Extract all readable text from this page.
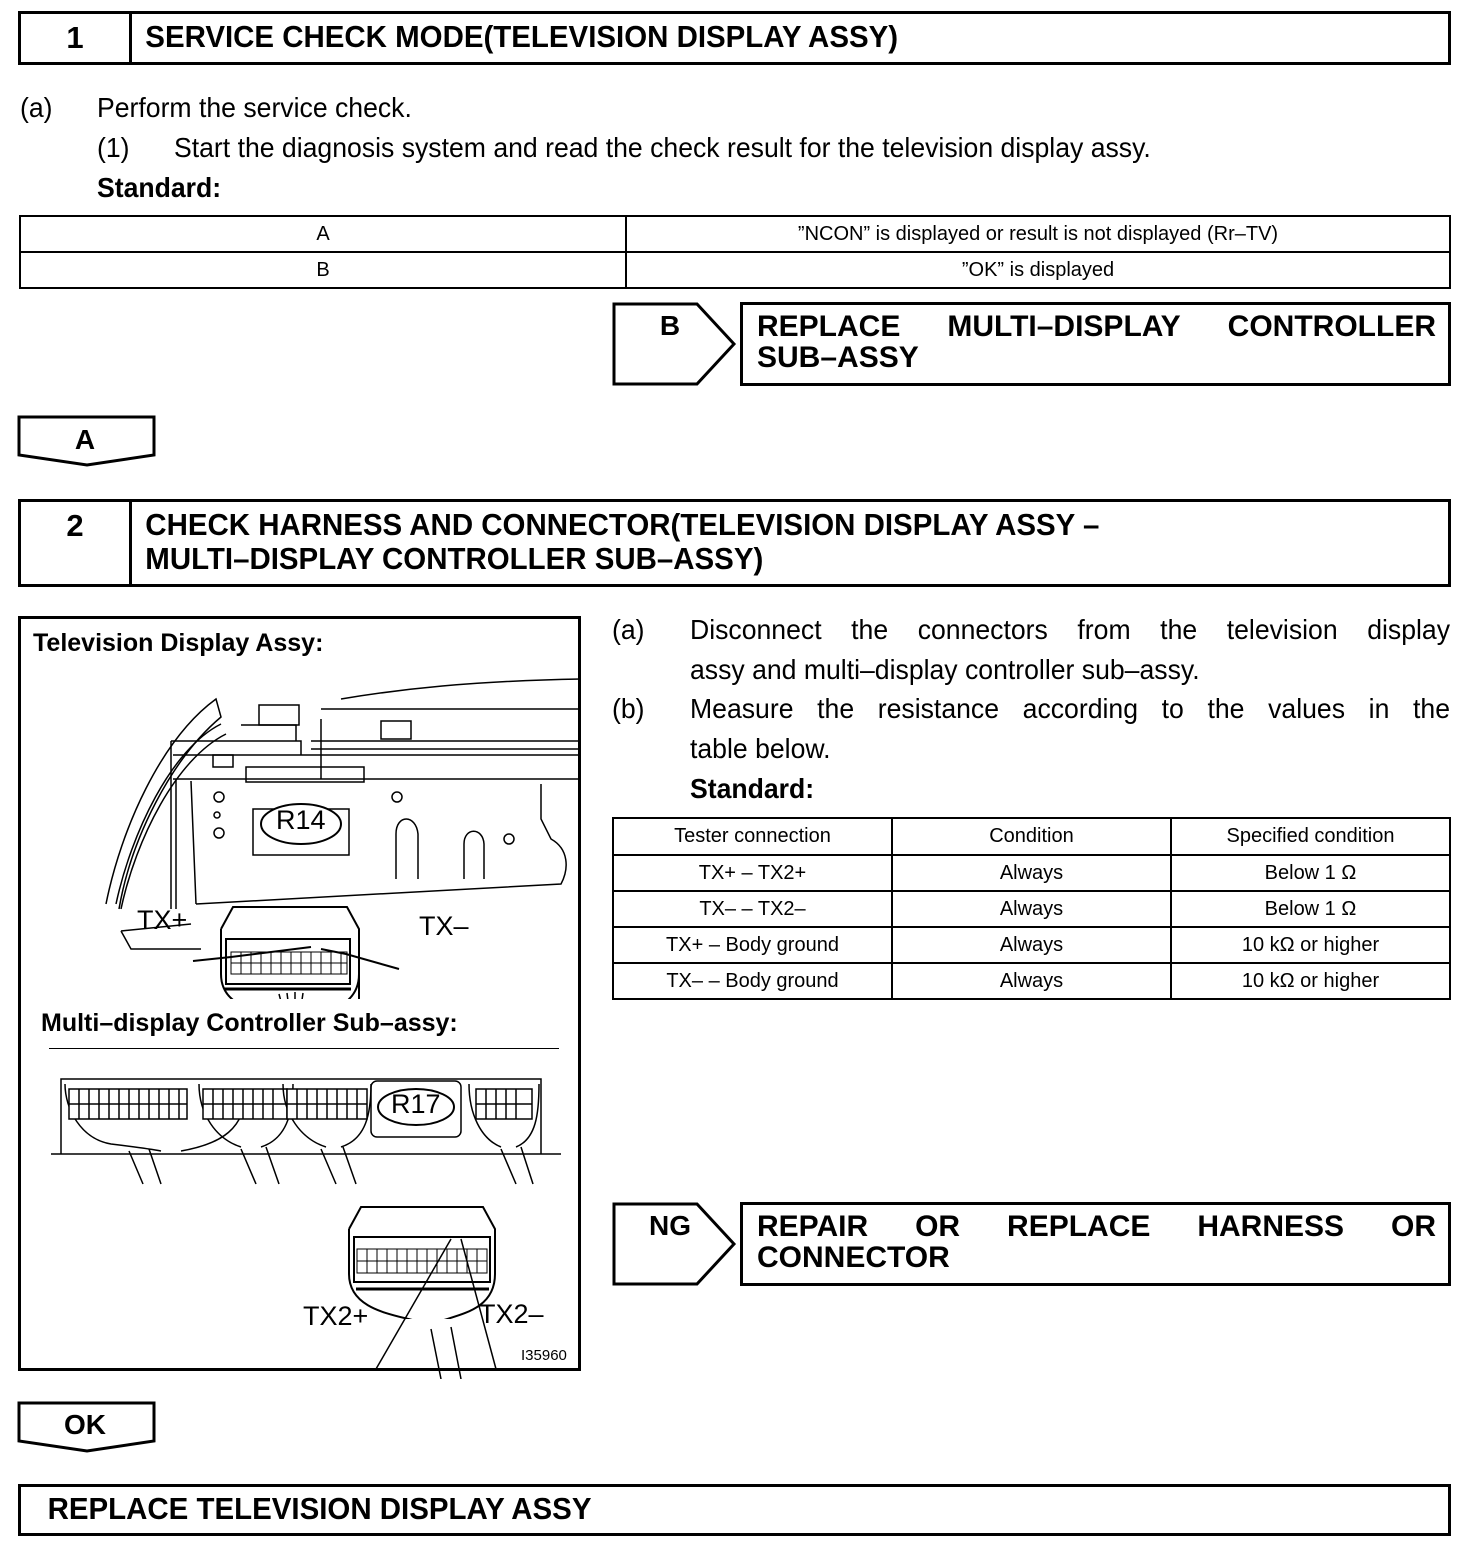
1	SERVICE CHECK MODE(TELEVISION DISPLAY ASSY)
(a) Perform the service check.
(1) Start the diagnosis system and read the check result for the television display assy.
Standard:
A	”NCON” is displayed or result is not displayed (Rr–TV)
B	”OK” is displayed
B	REPLACE MULTI–DISPLAY CONTROLLER
SUB–ASSY
A
2	CHECK HARNESS AND CONNECTOR(TELEVISION DISPLAY ASSY –
MULTI–DISPLAY CONTROLLER SUB–ASSY)
Television Display Assy:
R14
TX+	TX–
Multi–display Controller Sub–assy:
R17
TX2+	TX2–
I35960
(a) Disconnect the connectors from the television display
assy and multi–display controller sub–assy.
(b) Measure the resistance according to the values in the
table below.
Standard:
Tester connection	Condition	Specified condition
TX+ – TX2+	Always	Below 1 Ω
TX– – TX2–	Always	Below 1 Ω
TX+ – Body ground	Always	10 kΩ or higher
TX– – Body ground	Always	10 kΩ or higher
NG	REPAIR OR REPLACE HARNESS OR
CONNECTOR
OK
REPLACE TELEVISION DISPLAY ASSY
